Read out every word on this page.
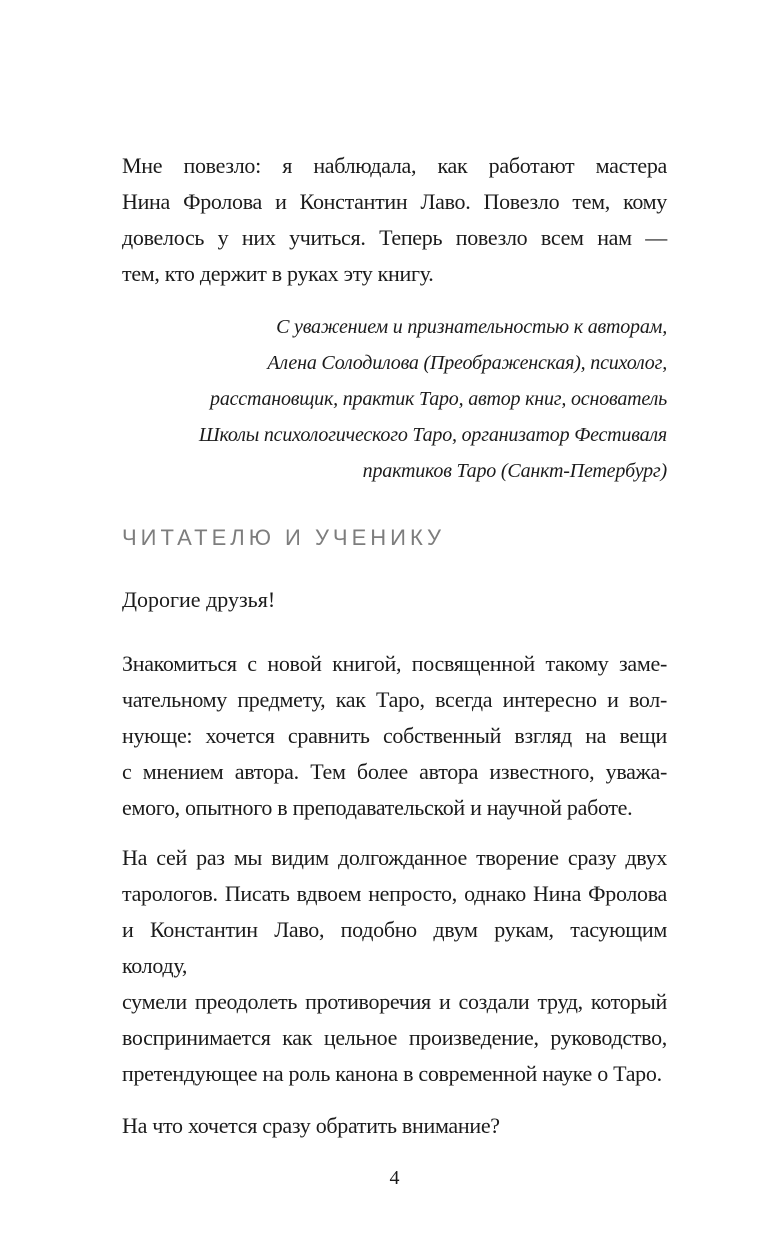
Мне повезло: я наблюдала, как работают мастера
Нина Фролова и Константин Лаво. Повезло тем, кому
довелось у них учиться. Теперь повезло всем нам —
тем, кто держит в руках эту книгу.
С уважением и признательностью к авторам,
Алена Солодилова (Преображенская), психолог,
расстановщик, практик Таро, автор книг, основатель
Школы психологического Таро, организатор Фестиваля
практиков Таро (Санкт-Петербург)
ЧИТАТЕЛЮ И УЧЕНИКУ

Дорогие друзья!

Знакомиться с новой книгой, посвященной такому заме-
чательному предмету, как Таро, всегда интересно и вол-
нующе: хочется сравнить собственный взгляд на вещи
с мнением автора. Тем более автора известного, уважа-
емого, опытного в преподавательской и научной работе.
На сей раз мы видим долгожданное творение сразу двух
тарологов. Писать вдвоем непросто, однако Нина Фролова
и Константин Лаво, подобно двум рукам, тасующим колоду,
сумели преодолеть противоречия и создали труд, который
воспринимается как цельное произведение, руководство,
претендующее на роль канона в современной науке о Таро.

На что хочется сразу обратить внимание?

4
